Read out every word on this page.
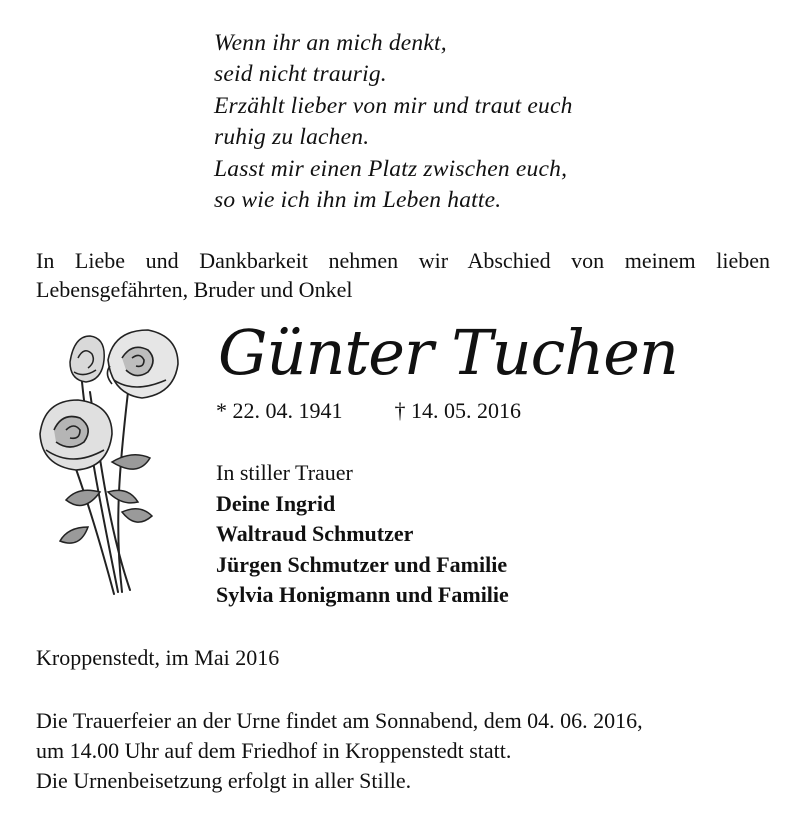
Wenn ihr an mich denkt,
seid nicht traurig.
Erzählt lieber von mir und traut euch
ruhig zu lachen.
Lasst mir einen Platz zwischen euch,
so wie ich ihn im Leben hatte.
In Liebe und Dankbarkeit nehmen wir Abschied von meinem lieben
Lebensgefährten, Bruder und Onkel
Günter Tuchen
* 22. 04. 1941 † 14. 05. 2016
In stiller Trauer
Deine Ingrid
Waltraud Schmutzer
Jürgen Schmutzer und Familie
Sylvia Honigmann und Familie
Kroppenstedt, im Mai 2016
Die Trauerfeier an der Urne findet am Sonnabend, dem 04. 06. 2016,
um 14.00 Uhr auf dem Friedhof in Kroppenstedt statt.
Die Urnenbeisetzung erfolgt in aller Stille.
